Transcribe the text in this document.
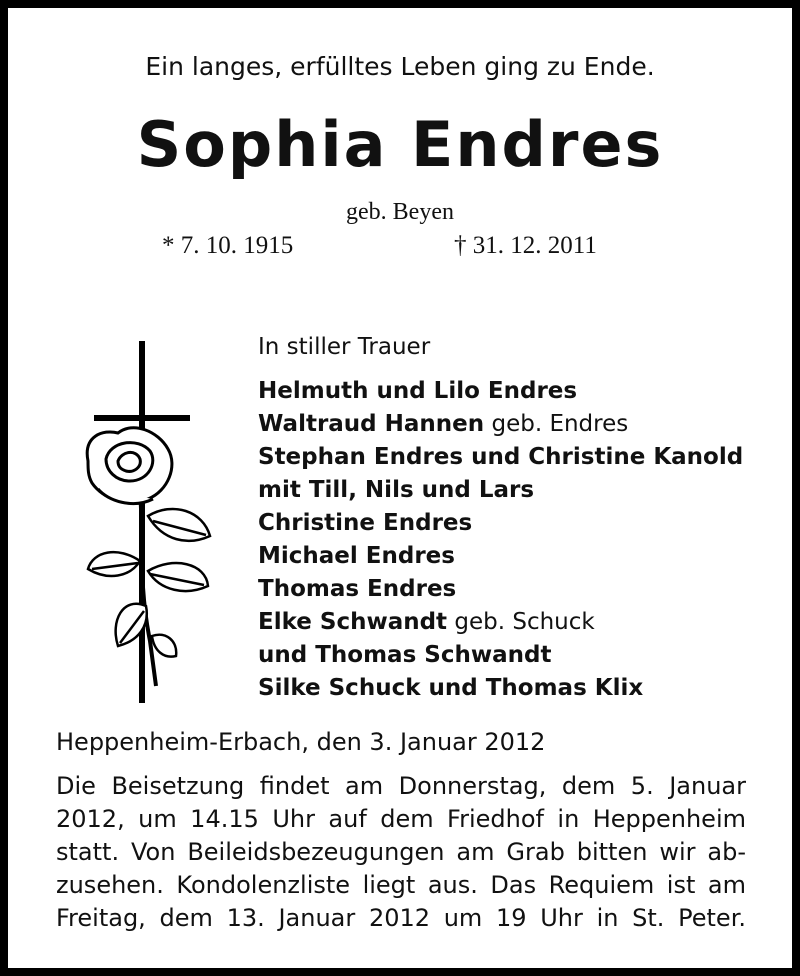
Ein langes, erfülltes Leben ging zu Ende.
Sophia Endres
geb. Beyen
* 7. 10. 1915	† 31. 12. 2011
In stiller Trauer
Helmuth und Lilo Endres
Waltraud Hannen geb. Endres
Stephan Endres und Christine Kanold
mit Till, Nils und Lars
Christine Endres
Michael Endres
Thomas Endres
Elke Schwandt geb. Schuck
und Thomas Schwandt
Silke Schuck und Thomas Klix
Heppenheim-Erbach, den 3. Januar 2012

Die Beisetzung findet am Donnerstag, dem 5. Januar
2012, um 14.15 Uhr auf dem Friedhof in Heppenheim
statt. Von Beileidsbezeugungen am Grab bitten wir ab-
zusehen. Kondolenzliste liegt aus. Das Requiem ist am
Freitag, dem 13. Januar 2012 um 19 Uhr in St. Peter.
